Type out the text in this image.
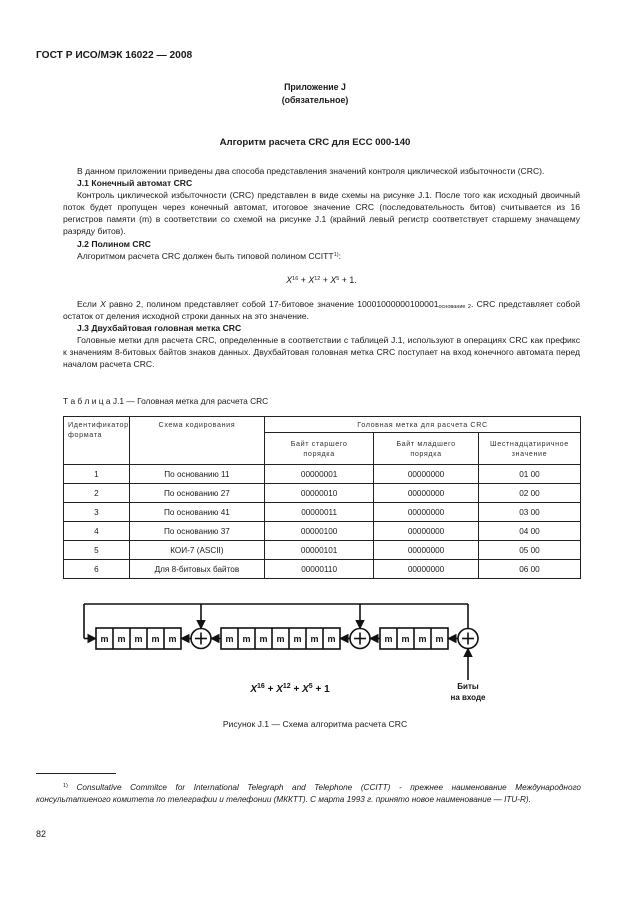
ГОСТ Р ИСО/МЭК 16022 — 2008
Приложение J
(обязательное)
Алгоритм расчета CRC для ECC 000-140

В данном приложении приведены два способа представления значений контроля циклической избыточности (CRC).

J.1 Конечный автомат CRC

Контроль циклической избыточности (CRC) представлен в виде схемы на рисунке J.1. После того как исходный двоичный поток будет пропущен через конечный автомат, итоговое значение CRC (последовательность битов) считывается из 16 регистров памяти (m) в соответствии со схемой на рисунке J.1 (крайний левый регистр соответствует старшему значащему разряду битов).

J.2 Полином CRC

Алгоритмом расчета CRC должен быть типовой полином CCITT$^{1)}$:

$X^{16} + X^{12} + X^5 + 1$.

Если X равно 2, полином представляет собой 17-битовое значение $10001000000100001_{основание 2}$. CRC представляет собой остаток от деления исходной строки данных на это значение.

J.3 Двухбайтовая головная метка CRC

Головные метки для расчета CRC, определенные в соответствии с таблицей J.1, используют в операциях CRC как префикс к значениям 8-битовых байтов знаков данных. Двухбайтовая головная метка CRC поступает на вход конечного автомата перед началом расчета CRC.

Т а б л и ц а J.1 — Головная метка для расчета CRC
Идентификатор формата	Схема кодирования	Головная метка для расчета CRC		
		Байт старшего порядка	Байт младшего порядка	Шестнадцатиричное значение
1	По основанию 11	00000001	00000000	01 00
2	По основанию 27	00000010	00000000	02 00
3	По основанию 41	00000011	00000000	03 00
4	По основанию 37	00000100	00000000	04 00
5	КОИ-7 (ASCII)	00000101	00000000	05 00
6	Для 8-битовых байтов	00000110	00000000	06 00
m m m m m	m m m m m m m	m m m m
Биты
на входе
$X^{16} + X^{12} + X^5 + 1$
Рисунок J.1 — Схема алгоритма расчета CRC

$^{1)}$ Consultative Commitce for International Telegraph and Telephone (CCITT) - прежнее наименование Международного консультатиеного комитета по телеграфии и телефонии (МККТТ). С марта 1993 г. принято новое наименование — ITU-R).

82
